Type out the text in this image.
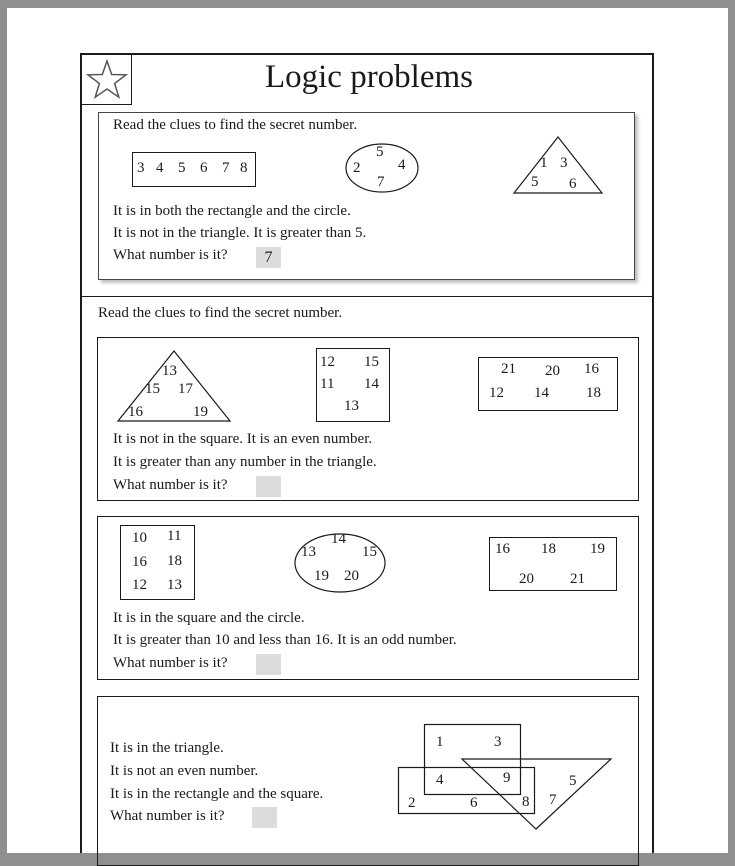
Logic problems
Read the clues to find the secret number.
3 4 5 6 7 8
5
2	4
7
1 3
5 6
It is in both the rectangle and the circle.
It is not in the triangle. It is greater than 5.
What number is it?	7
Read the clues to find the secret number.
13
15 17
16	19
12 15
11 14
13
21 20 16
12 14 18
It is not in the square. It is an even number.
It is greater than any number in the triangle.
What number is it?
10 11
16 18
12 13
14
13	15
19 20
16 18 19
20 21
It is in the square and the circle.
It is greater than 10 and less than 16. It is an odd number.
What number is it?
It is in the triangle.
It is not an even number.
It is in the rectangle and the square.
What number is it?
1	3
4	9	5
2	6	8 7
